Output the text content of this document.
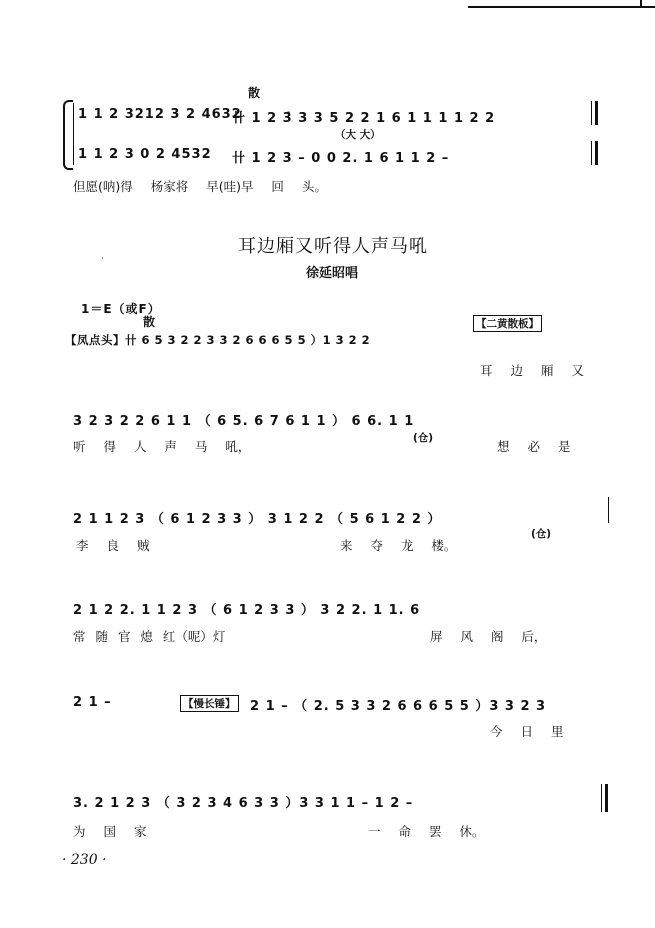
散
1 1 2 3212 3 2 4632
卄 1 2 3̇ 3 3 5 2 2 1 6 1 1 1 1 2 2
（大 大）
1 1 2 3 0 2 4532 卄 1 2 3 – 0 0 2. 1 6 1 1 2 –
但愿(呐)得 杨家将 早(哇)早 回 头。
ˎ	耳边厢又听得人声马吼
徐延昭唱
1＝E（或F）
散	【二黄散板】
【凤点头】卄 6 5 3 2 2 3 3 2 6 6 6 5 5 ）1 3 2 2
耳 边 厢 又
3 2 3 2 2 6 1 1 （ 6 5. 6 7 6 1 1 ） 6 6. 1 1
(仓)
听 得 人 声 马 吼，	想 必 是
2 1 1 2 3 （ 6 1 2 3 3 ） 3 1 2 2 （ 5 6 1 2 2 ）
(仓)
李 良 贼	来 夺 龙 楼。
2 1 2 2. 1 1 2 3 （ 6 1 2 3 3 ） 3 2 2. 1 1. 6
常 随 官 熄 红（呢）灯	屏 风 阁 后，
【慢长锤】 2 1 – （ 2. 5 3 3 2 6 6 6 5 5 ）3 3 2 3
2 1 –
今 日 里
3. 2 1 2 3 （ 3 2 3 4 6 3 3 ）3 3 1 1 – 1 2 –
为 国 家	一 命 罢 休。
· 230 ·
